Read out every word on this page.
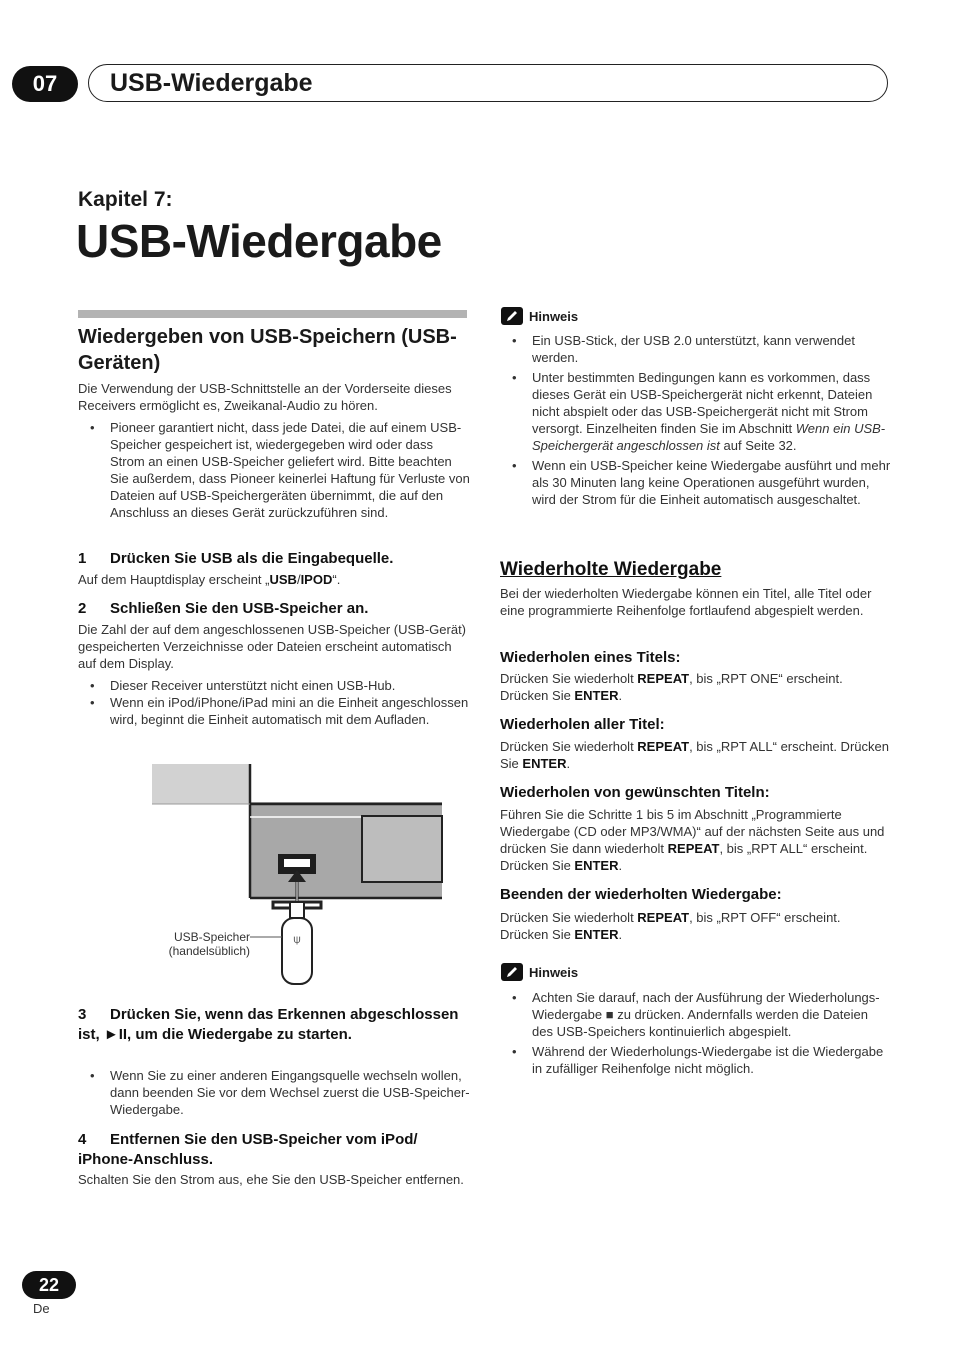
07	USB-Wiedergabe
Kapitel 7:
USB-Wiedergabe
Wiedergeben von USB-Speichern (USB-Geräten)
Die Verwendung der USB-Schnittstelle an der Vorderseite dieses Receivers ermöglicht es, Zweikanal-Audio zu hören.
• Pioneer garantiert nicht, dass jede Datei, die auf einem USB-Speicher gespeichert ist, wiedergegeben wird oder dass Strom an einen USB-Speicher geliefert wird. Bitte beachten Sie außerdem, dass Pioneer keinerlei Haftung für Verluste von Dateien auf USB-Speichergeräten übernimmt, die auf den Anschluss an dieses Gerät zurückzuführen sind.
1 Drücken Sie USB als die Eingabequelle.
Auf dem Hauptdisplay erscheint „USB/IPOD“.
2 Schließen Sie den USB-Speicher an.
Die Zahl der auf dem angeschlossenen USB-Speicher (USB-Gerät) gespeicherten Verzeichnisse oder Dateien erscheint automatisch auf dem Display.
• Dieser Receiver unterstützt nicht einen USB-Hub.
• Wenn ein iPod/iPhone/iPad mini an die Einheit angeschlossen wird, beginnt die Einheit automatisch mit dem Aufladen.
⍦
USB-Speicher
(handelsüblich)
3 Drücken Sie, wenn das Erkennen abgeschlossen ist, ►II, um die Wiedergabe zu starten.
• Wenn Sie zu einer anderen Eingangsquelle wechseln wollen, dann beenden Sie vor dem Wechsel zuerst die USB-Speicher-Wiedergabe.
4 Entfernen Sie den USB-Speicher vom iPod/ iPhone-Anschluss.
Schalten Sie den Strom aus, ehe Sie den USB-Speicher entfernen.
Hinweis
• Ein USB-Stick, der USB 2.0 unterstützt, kann verwendet werden.
• Unter bestimmten Bedingungen kann es vorkommen, dass dieses Gerät ein USB-Speichergerät nicht erkennt, Dateien nicht abspielt oder das USB-Speichergerät nicht mit Strom versorgt. Einzelheiten finden Sie im Abschnitt Wenn ein USB-Speichergerät angeschlossen ist auf Seite 32.
• Wenn ein USB-Speicher keine Wiedergabe ausführt und mehr als 30 Minuten lang keine Operationen ausgeführt wurden, wird der Strom für die Einheit automatisch ausgeschaltet.
Wiederholte Wiedergabe
Bei der wiederholten Wiedergabe können ein Titel, alle Titel oder eine programmierte Reihenfolge fortlaufend abgespielt werden.
Wiederholen eines Titels:
Drücken Sie wiederholt REPEAT, bis „RPT ONE“ erscheint. Drücken Sie ENTER.
Wiederholen aller Titel:
Drücken Sie wiederholt REPEAT, bis „RPT ALL“ erscheint. Drücken Sie ENTER.
Wiederholen von gewünschten Titeln:
Führen Sie die Schritte 1 bis 5 im Abschnitt „Programmierte Wiedergabe (CD oder MP3/WMA)“ auf der nächsten Seite aus und drücken Sie dann wiederholt REPEAT, bis „RPT ALL“ erscheint. Drücken Sie ENTER.
Beenden der wiederholten Wiedergabe:
Drücken Sie wiederholt REPEAT, bis „RPT OFF“ erscheint. Drücken Sie ENTER.
Hinweis
• Achten Sie darauf, nach der Ausführung der Wiederholungs-Wiedergabe ■ zu drücken. Andernfalls werden die Dateien des USB-Speichers kontinuierlich abgespielt.
• Während der Wiederholungs-Wiedergabe ist die Wiedergabe in zufälliger Reihenfolge nicht möglich.
22
De
